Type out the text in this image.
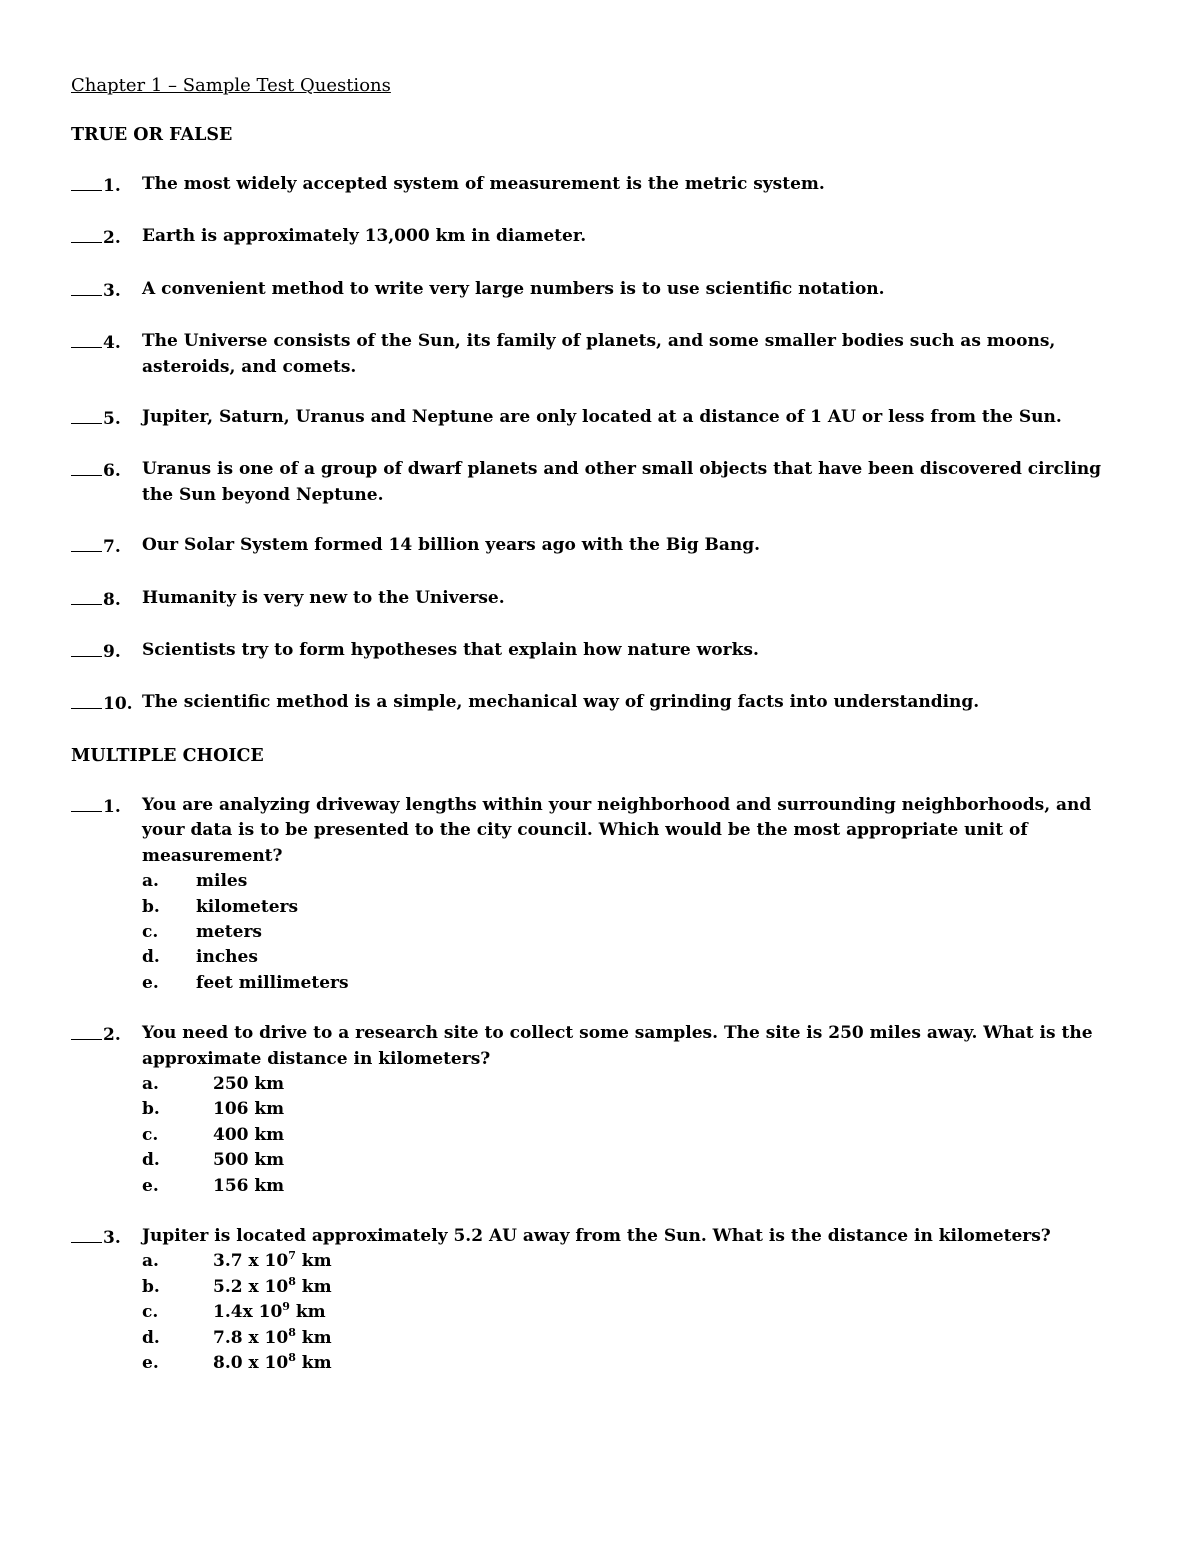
Chapter 1 – Sample Test Questions
TRUE OR FALSE
1.	The most widely accepted system of measurement is the metric system.
2.	Earth is approximately 13,000 km in diameter.
3.	A convenient method to write very large numbers is to use scientific notation.
4.	The Universe consists of the Sun, its family of planets, and some smaller bodies such as moons, asteroids, and comets.
5.	Jupiter, Saturn, Uranus and Neptune are only located at a distance of 1 AU or less from the Sun.
6.	Uranus is one of a group of dwarf planets and other small objects that have been discovered circling the Sun beyond Neptune.
7.	Our Solar System formed 14 billion years ago with the Big Bang.
8.	Humanity is very new to the Universe.
9.	Scientists try to form hypotheses that explain how nature works.
10. The scientific method is a simple, mechanical way of grinding facts into understanding.
MULTIPLE CHOICE
1.	You are analyzing driveway lengths within your neighborhood and surrounding neighborhoods, and your data is to be presented to the city council. Which would be the most appropriate unit of measurement?
a.	miles
b.	kilometers
c.	meters
d.	inches
e.	feet millimeters
2.	You need to drive to a research site to collect some samples. The site is 250 miles away. What is the approximate distance in kilometers?
a.	250 km
b.	106 km
c.	400 km
d.	500 km
e.	156 km
3.	Jupiter is located approximately 5.2 AU away from the Sun. What is the distance in kilometers?
a.	3.7 x $10^7$ km
b.	5.2 x $10^8$ km
c.	1.4x $10^9$ km
d.	7.8 x $10^8$ km
e.	8.0 x $10^8$ km
